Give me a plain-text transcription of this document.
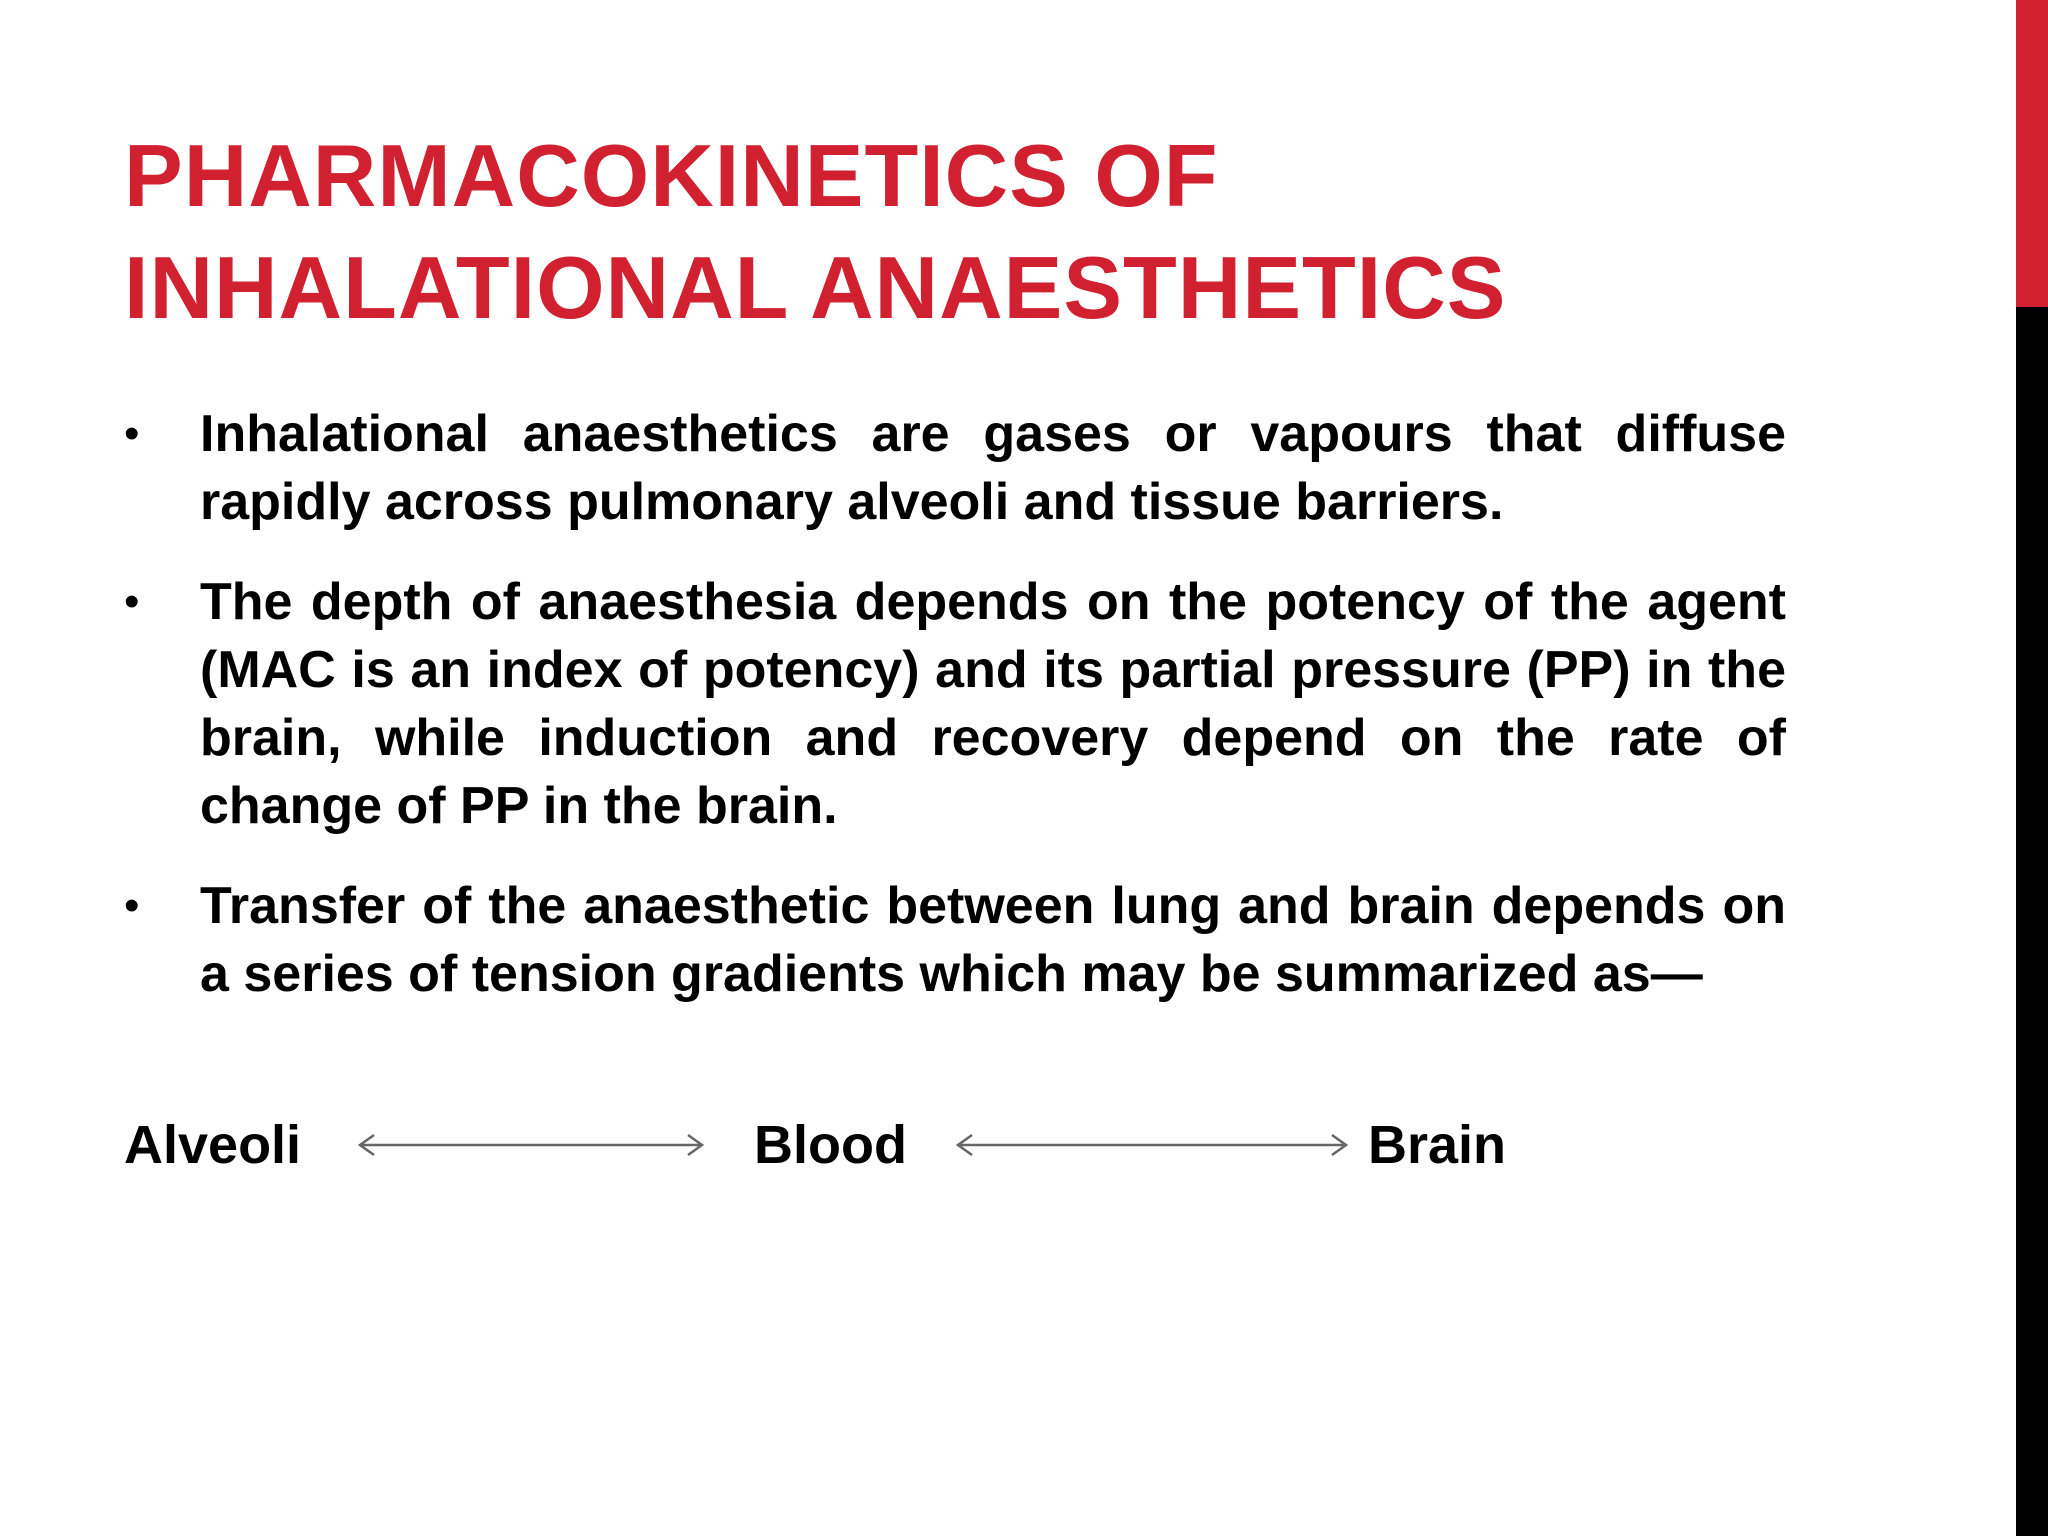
PHARMACOKINETICS OF
INHALATIONAL ANAESTHETICS
• Inhalational anaesthetics are gases or vapours that diffuse rapidly across pulmonary alveoli and tissue barriers.
• The depth of anaesthesia depends on the potency of the agent (MAC is an index of potency) and its partial pressure (PP) in the brain, while induction and recovery depend on the rate of change of PP in the brain.
• Transfer of the anaesthetic between lung and brain depends on a series of tension gradients which may be summarized as—
Alveoli	Blood	Brain
